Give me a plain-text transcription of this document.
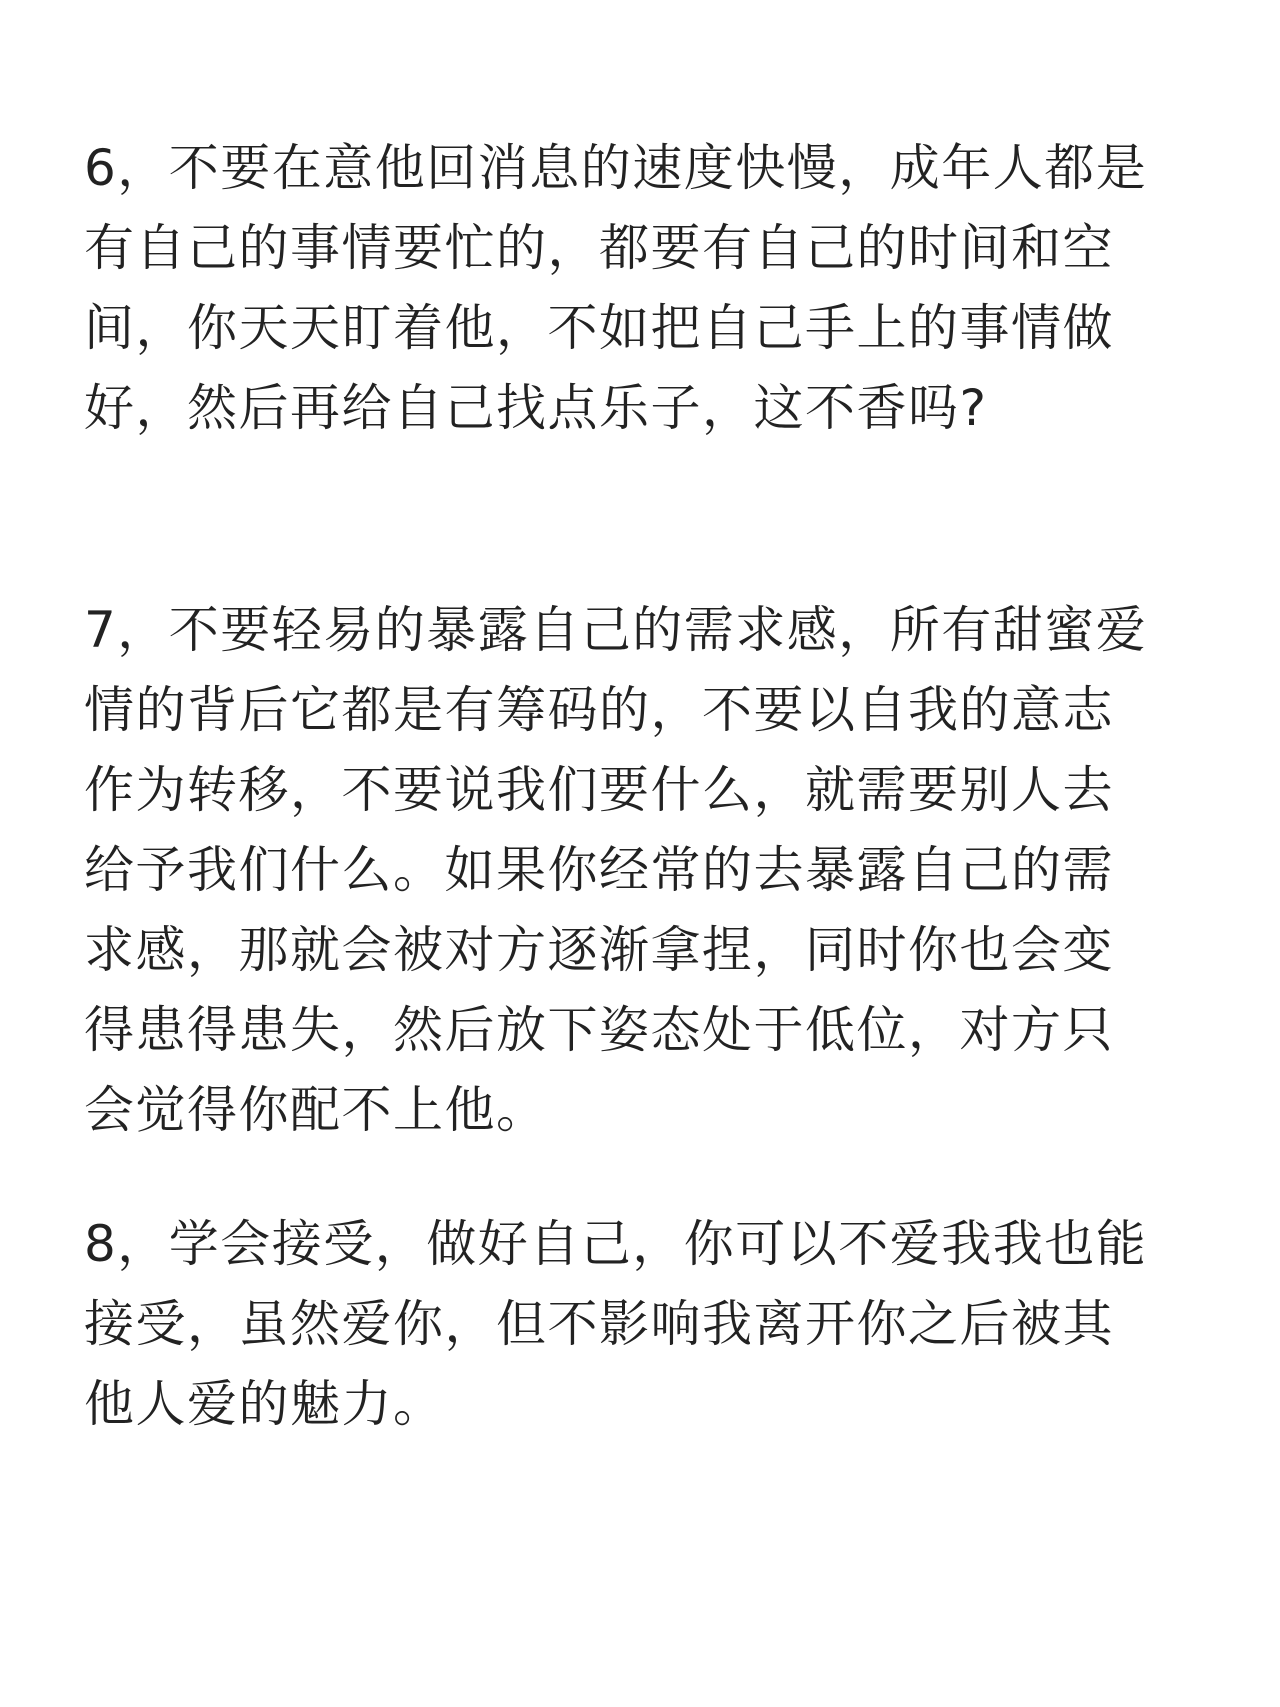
6，不要在意他回消息的速度快慢，成年人都是
有自己的事情要忙的，都要有自己的时间和空
间，你天天盯着他，不如把自己手上的事情做
好，然后再给自己找点乐子，这不香吗?
7，不要轻易的暴露自己的需求感，所有甜蜜爱
情的背后它都是有筹码的，不要以自我的意志
作为转移，不要说我们要什么，就需要别人去
给予我们什么。如果你经常的去暴露自己的需
求感，那就会被对方逐渐拿捏，同时你也会变
得患得患失，然后放下姿态处于低位，对方只
会觉得你配不上他。
8，学会接受，做好自己，你可以不爱我我也能
接受，虽然爱你，但不影响我离开你之后被其
他人爱的魅力。
